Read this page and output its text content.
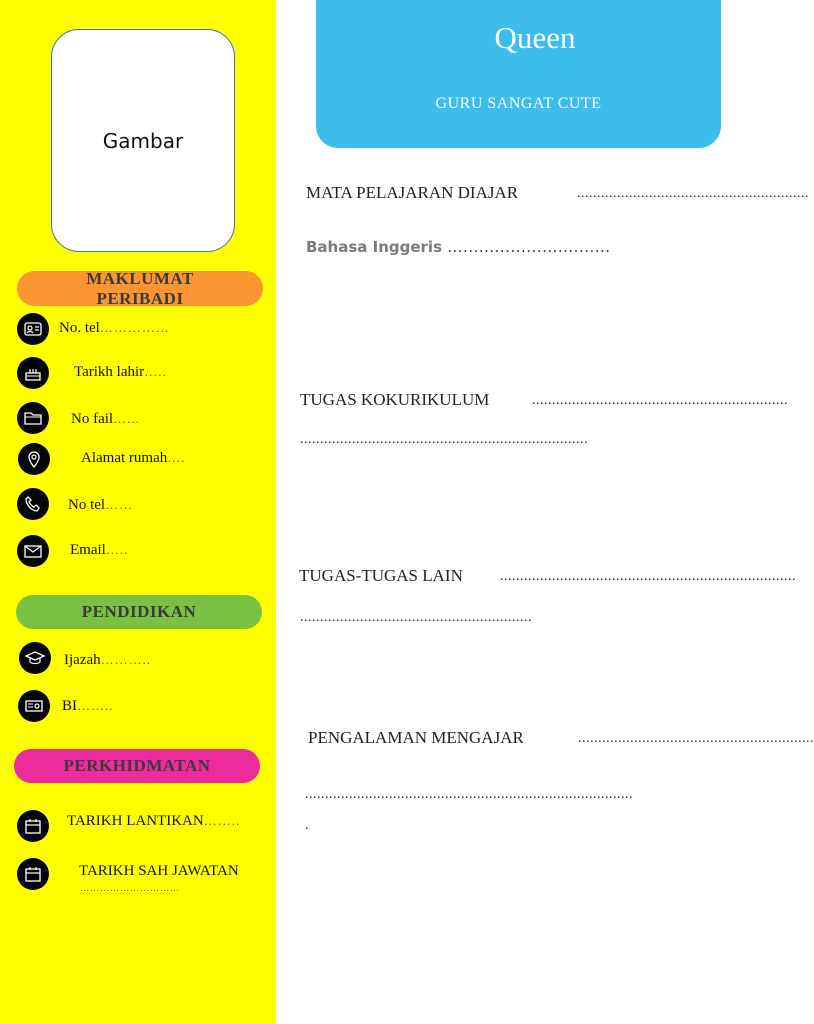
Gambar
MAKLUMAT PERIBADI
No. tel……………
Tarikh lahir…..
No fail…...
Alamat rumah….
No tel……
Email…..
PENDIDIKAN
Ijazah………..
BI……..
PERKHIDMATAN
TARIKH LANTIKAN……..
TARIKH SAH JAWATAN
…………………………
Queen
GURU SANGAT CUTE
MATA PELAJARAN DIAJAR	..........................................................
Bahasa Inggeris ...............................
TUGAS KOKURIKULUM	................................................................
........................................................................
TUGAS-TUGAS LAIN	..........................................................................
..........................................................
PENGALAMAN MENGAJAR	...........................................................
..................................................................................
.
